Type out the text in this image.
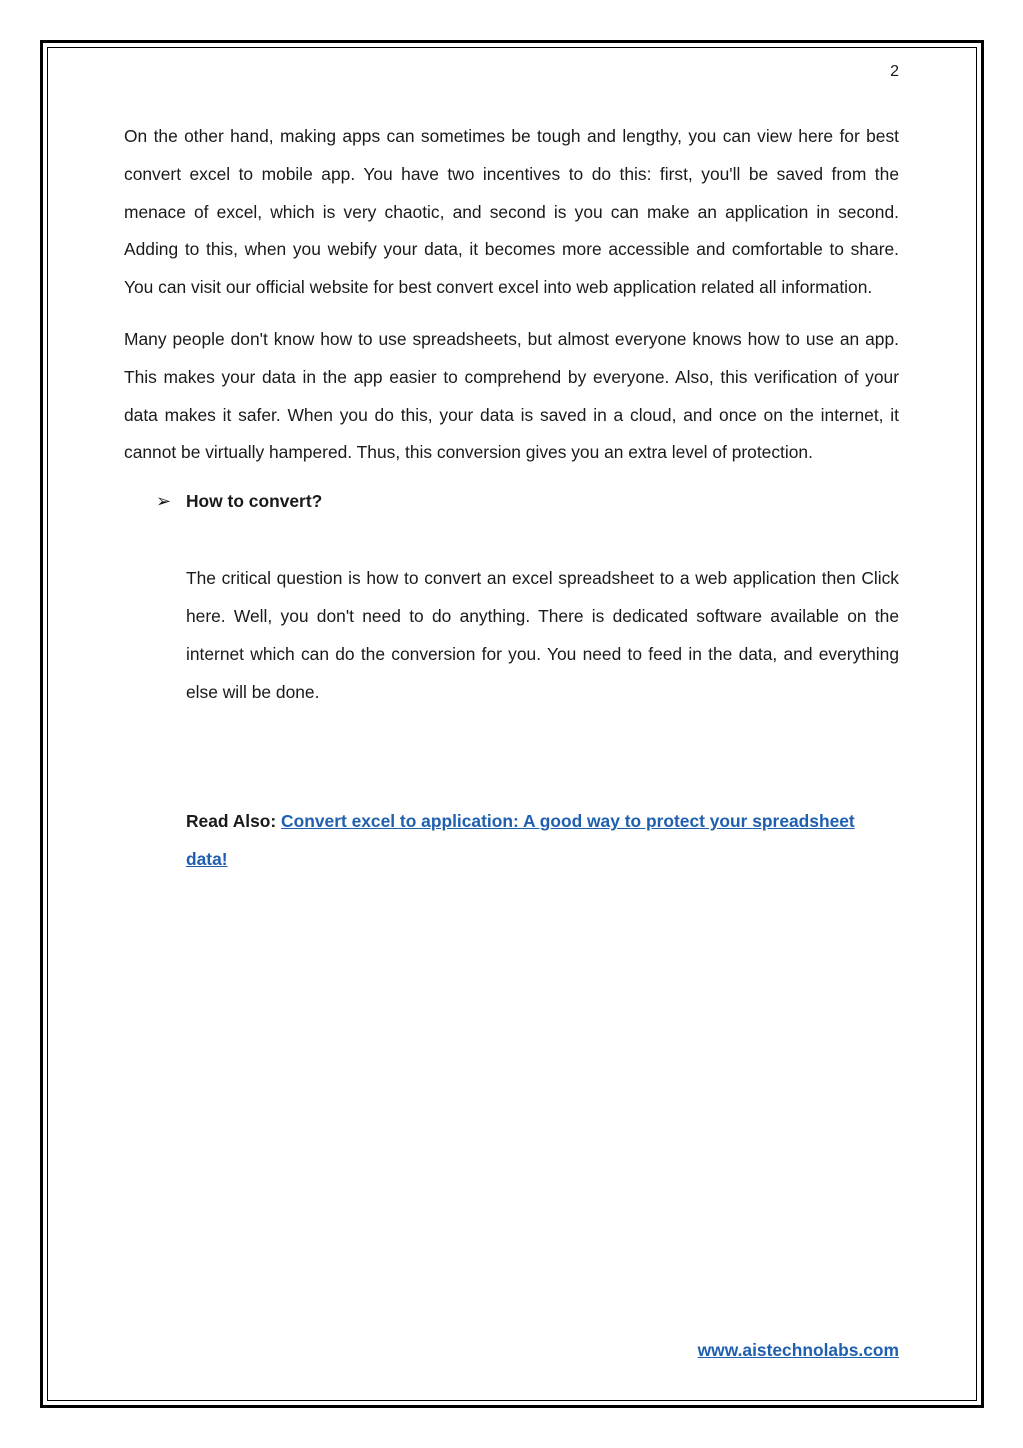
2

On the other hand, making apps can sometimes be tough and lengthy, you can view here for best convert excel to mobile app. You have two incentives to do this: first, you'll be saved from the menace of excel, which is very chaotic, and second is you can make an application in second. Adding to this, when you webify your data, it becomes more accessible and comfortable to share. You can visit our official website for best convert excel into web application related all information.

Many people don't know how to use spreadsheets, but almost everyone knows how to use an app. This makes your data in the app easier to comprehend by everyone. Also, this verification of your data makes it safer. When you do this, your data is saved in a cloud, and once on the internet, it cannot be virtually hampered. Thus, this conversion gives you an extra level of protection.

➢ How to convert?

The critical question is how to convert an excel spreadsheet to a web application then Click here. Well, you don't need to do anything. There is dedicated software available on the internet which can do the conversion for you. You need to feed in the data, and everything else will be done.

Read Also: Convert excel to application: A good way to protect your spreadsheet data!
www.aistechnolabs.com
